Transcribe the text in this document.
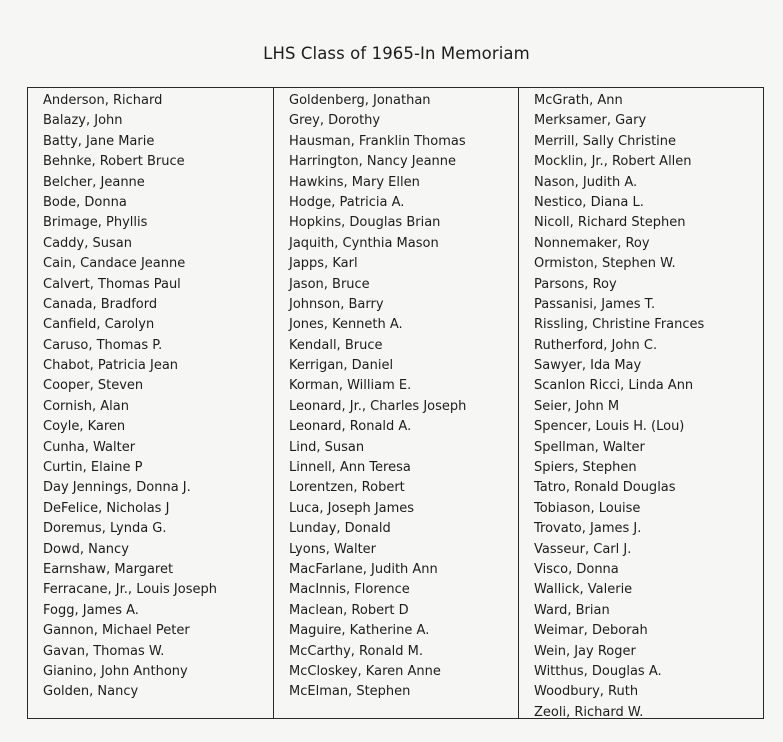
LHS Class of 1965-In Memoriam
Anderson, Richard
Balazy, John
Batty, Jane Marie
Behnke, Robert Bruce
Belcher, Jeanne
Bode, Donna
Brimage, Phyllis
Caddy, Susan
Cain, Candace Jeanne
Calvert, Thomas Paul
Canada, Bradford
Canfield, Carolyn
Caruso, Thomas P.
Chabot, Patricia Jean
Cooper, Steven
Cornish, Alan
Coyle, Karen
Cunha, Walter
Curtin, Elaine P
Day Jennings, Donna J.
DeFelice, Nicholas J
Doremus, Lynda G.
Dowd, Nancy
Earnshaw, Margaret
Ferracane, Jr., Louis Joseph
Fogg, James A.
Gannon, Michael Peter
Gavan, Thomas W.
Gianino, John Anthony
Golden, Nancy
Goldenberg, Jonathan
Grey, Dorothy
Hausman, Franklin Thomas
Harrington, Nancy Jeanne
Hawkins, Mary Ellen
Hodge, Patricia A.
Hopkins, Douglas Brian
Jaquith, Cynthia Mason
Japps, Karl
Jason, Bruce
Johnson, Barry
Jones, Kenneth A.
Kendall, Bruce
Kerrigan, Daniel
Korman, William E.
Leonard, Jr., Charles Joseph
Leonard, Ronald A.
Lind, Susan
Linnell, Ann Teresa
Lorentzen, Robert
Luca, Joseph James
Lunday, Donald
Lyons, Walter
MacFarlane, Judith Ann
MacInnis, Florence
Maclean, Robert D
Maguire, Katherine A.
McCarthy, Ronald M.
McCloskey, Karen Anne
McElman, Stephen
McGrath, Ann
Merksamer, Gary
Merrill, Sally Christine
Mocklin, Jr., Robert Allen
Nason, Judith A.
Nestico, Diana L.
Nicoll, Richard Stephen
Nonnemaker, Roy
Ormiston, Stephen W.
Parsons, Roy
Passanisi, James T.
Rissling, Christine Frances
Rutherford, John C.
Sawyer, Ida May
Scanlon Ricci, Linda Ann
Seier, John M
Spencer, Louis H. (Lou)
Spellman, Walter
Spiers, Stephen
Tatro, Ronald Douglas
Tobiason, Louise
Trovato, James J.
Vasseur, Carl J.
Visco, Donna
Wallick, Valerie
Ward, Brian
Weimar, Deborah
Wein, Jay Roger
Witthus, Douglas A.
Woodbury, Ruth
Zeoli, Richard W.
